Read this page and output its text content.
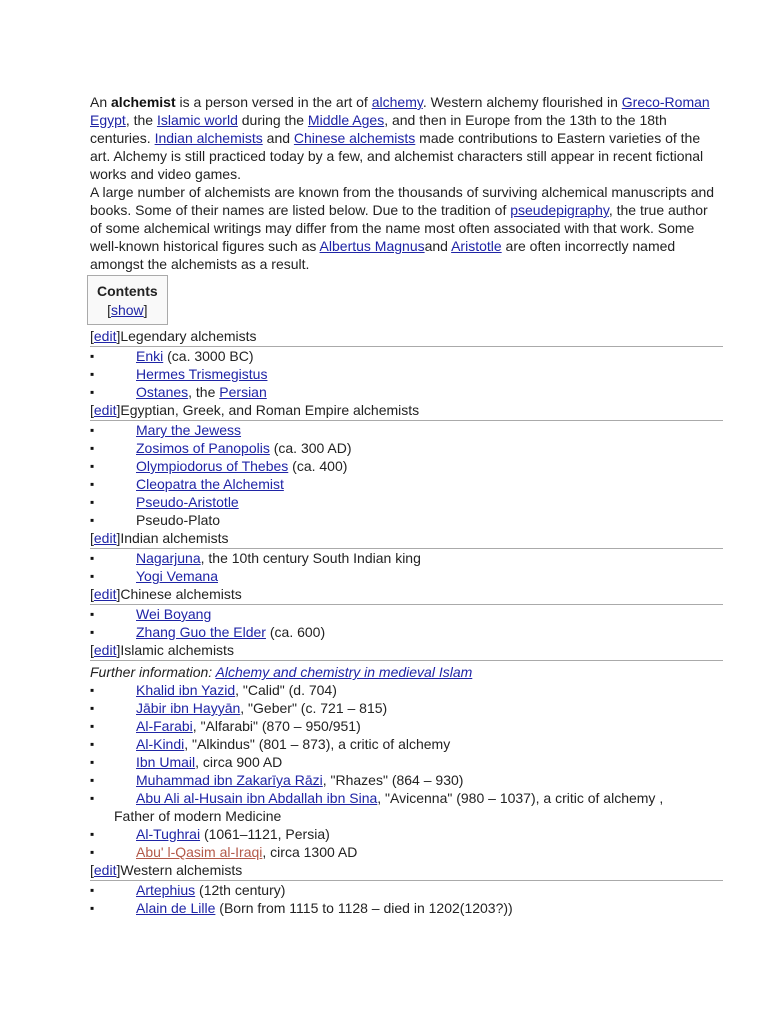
An alchemist is a person versed in the art of alchemy. Western alchemy flourished in Greco-Roman Egypt, the Islamic world during the Middle Ages, and then in Europe from the 13th to the 18th centuries. Indian alchemists and Chinese alchemists made contributions to Eastern varieties of the art. Alchemy is still practiced today by a few, and alchemist characters still appear in recent fictional works and video games.

A large number of alchemists are known from the thousands of surviving alchemical manuscripts and books. Some of their names are listed below. Due to the tradition of pseudepigraphy, the true author of some alchemical writings may differ from the name most often associated with that work. Some well-known historical figures such as Albertus Magnusand Aristotle are often incorrectly named amongst the alchemists as a result.

Contents
[show]
[edit]Legendary alchemists
▪ Enki (ca. 3000 BC)
▪ Hermes Trismegistus
▪ Ostanes, the Persian
[edit]Egyptian, Greek, and Roman Empire alchemists
▪ Mary the Jewess
▪ Zosimos of Panopolis (ca. 300 AD)
▪ Olympiodorus of Thebes (ca. 400)
▪ Cleopatra the Alchemist
▪ Pseudo-Aristotle
▪ Pseudo-Plato
[edit]Indian alchemists
▪ Nagarjuna, the 10th century South Indian king
▪ Yogi Vemana
[edit]Chinese alchemists
▪ Wei Boyang
▪ Zhang Guo the Elder (ca. 600)
[edit]Islamic alchemists
Further information: Alchemy and chemistry in medieval Islam
▪ Khalid ibn Yazid, "Calid" (d. 704)
▪ Jābir ibn Hayyān, "Geber" (c. 721 – 815)
▪ Al-Farabi, "Alfarabi" (870 – 950/951)
▪ Al-Kindi, "Alkindus" (801 – 873), a critic of alchemy
▪ Ibn Umail, circa 900 AD
▪ Muhammad ibn Zakarīya Rāzi, "Rhazes" (864 – 930)
▪ Abu Ali al-Husain ibn Abdallah ibn Sina, "Avicenna" (980 – 1037), a critic of alchemy ,
Father of modern Medicine
▪ Al-Tughrai (1061–1121, Persia)
▪ Abu' l-Qasim al-Iraqi, circa 1300 AD
[edit]Western alchemists
▪ Artephius (12th century)
▪ Alain de Lille (Born from 1115 to 1128 – died in 1202(1203?))
